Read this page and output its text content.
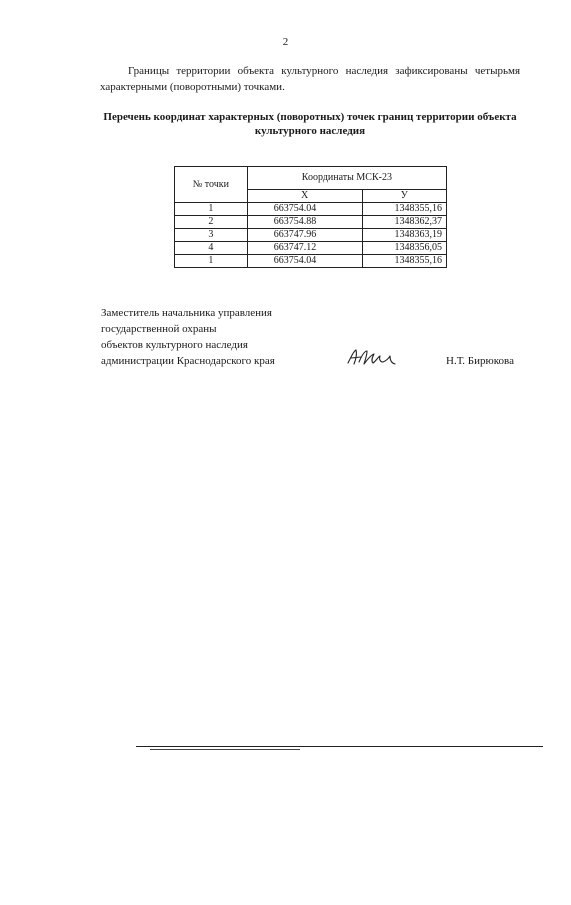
2
Границы территории объекта культурного наследия зафиксированы четырьмя характерными (поворотными) точками.
Перечень координат характерных (поворотных) точек границ территории объекта культурного наследия
№ точки	Координаты МСК-23	
	X	У
1	663754.04	1348355,16
2	663754.88	1348362,37
3	663747.96	1348363,19
4	663747.12	1348356,05
1	663754.04	1348355,16
Заместитель начальника управления
государственной охраны
объектов культурного наследия
администрации Краснодарского края	Н.Т. Бирюкова
